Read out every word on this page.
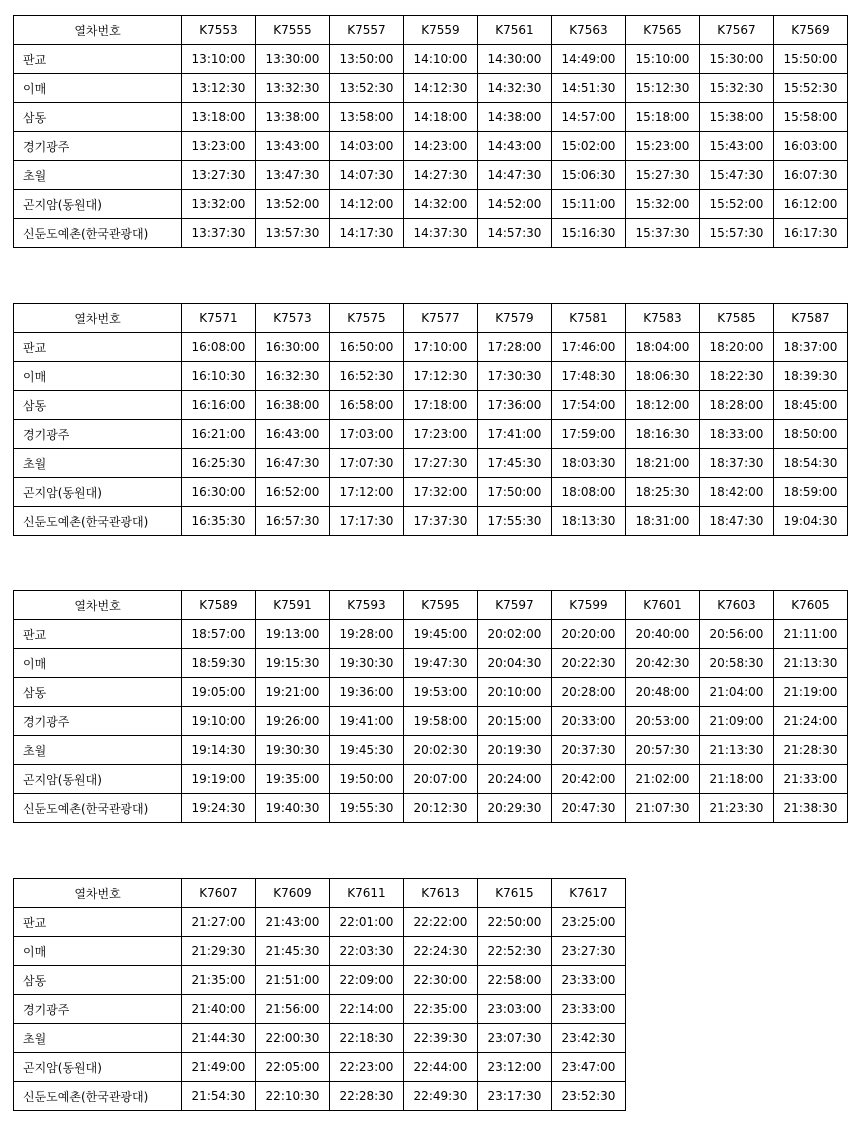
열차번호	K7553	K7555	K7557	K7559	K7561	K7563	K7565	K7567	K7569
판교	13:10:00	13:30:00	13:50:00	14:10:00	14:30:00	14:49:00	15:10:00	15:30:00	15:50:00
이매	13:12:30	13:32:30	13:52:30	14:12:30	14:32:30	14:51:30	15:12:30	15:32:30	15:52:30
삼동	13:18:00	13:38:00	13:58:00	14:18:00	14:38:00	14:57:00	15:18:00	15:38:00	15:58:00
경기광주	13:23:00	13:43:00	14:03:00	14:23:00	14:43:00	15:02:00	15:23:00	15:43:00	16:03:00
초월	13:27:30	13:47:30	14:07:30	14:27:30	14:47:30	15:06:30	15:27:30	15:47:30	16:07:30
곤지암(동원대)	13:32:00	13:52:00	14:12:00	14:32:00	14:52:00	15:11:00	15:32:00	15:52:00	16:12:00
신둔도예촌(한국관광대)	13:37:30	13:57:30	14:17:30	14:37:30	14:57:30	15:16:30	15:37:30	15:57:30	16:17:30
열차번호	K7571	K7573	K7575	K7577	K7579	K7581	K7583	K7585	K7587
판교	16:08:00	16:30:00	16:50:00	17:10:00	17:28:00	17:46:00	18:04:00	18:20:00	18:37:00
이매	16:10:30	16:32:30	16:52:30	17:12:30	17:30:30	17:48:30	18:06:30	18:22:30	18:39:30
삼동	16:16:00	16:38:00	16:58:00	17:18:00	17:36:00	17:54:00	18:12:00	18:28:00	18:45:00
경기광주	16:21:00	16:43:00	17:03:00	17:23:00	17:41:00	17:59:00	18:16:30	18:33:00	18:50:00
초월	16:25:30	16:47:30	17:07:30	17:27:30	17:45:30	18:03:30	18:21:00	18:37:30	18:54:30
곤지암(동원대)	16:30:00	16:52:00	17:12:00	17:32:00	17:50:00	18:08:00	18:25:30	18:42:00	18:59:00
신둔도예촌(한국관광대)	16:35:30	16:57:30	17:17:30	17:37:30	17:55:30	18:13:30	18:31:00	18:47:30	19:04:30
열차번호	K7589	K7591	K7593	K7595	K7597	K7599	K7601	K7603	K7605
판교	18:57:00	19:13:00	19:28:00	19:45:00	20:02:00	20:20:00	20:40:00	20:56:00	21:11:00
이매	18:59:30	19:15:30	19:30:30	19:47:30	20:04:30	20:22:30	20:42:30	20:58:30	21:13:30
삼동	19:05:00	19:21:00	19:36:00	19:53:00	20:10:00	20:28:00	20:48:00	21:04:00	21:19:00
경기광주	19:10:00	19:26:00	19:41:00	19:58:00	20:15:00	20:33:00	20:53:00	21:09:00	21:24:00
초월	19:14:30	19:30:30	19:45:30	20:02:30	20:19:30	20:37:30	20:57:30	21:13:30	21:28:30
곤지암(동원대)	19:19:00	19:35:00	19:50:00	20:07:00	20:24:00	20:42:00	21:02:00	21:18:00	21:33:00
신둔도예촌(한국관광대)	19:24:30	19:40:30	19:55:30	20:12:30	20:29:30	20:47:30	21:07:30	21:23:30	21:38:30
열차번호	K7607	K7609	K7611	K7613	K7615	K7617
판교	21:27:00	21:43:00	22:01:00	22:22:00	22:50:00	23:25:00
이매	21:29:30	21:45:30	22:03:30	22:24:30	22:52:30	23:27:30
삼동	21:35:00	21:51:00	22:09:00	22:30:00	22:58:00	23:33:00
경기광주	21:40:00	21:56:00	22:14:00	22:35:00	23:03:00	23:33:00
초월	21:44:30	22:00:30	22:18:30	22:39:30	23:07:30	23:42:30
곤지암(동원대)	21:49:00	22:05:00	22:23:00	22:44:00	23:12:00	23:47:00
신둔도예촌(한국관광대)	21:54:30	22:10:30	22:28:30	22:49:30	23:17:30	23:52:30
